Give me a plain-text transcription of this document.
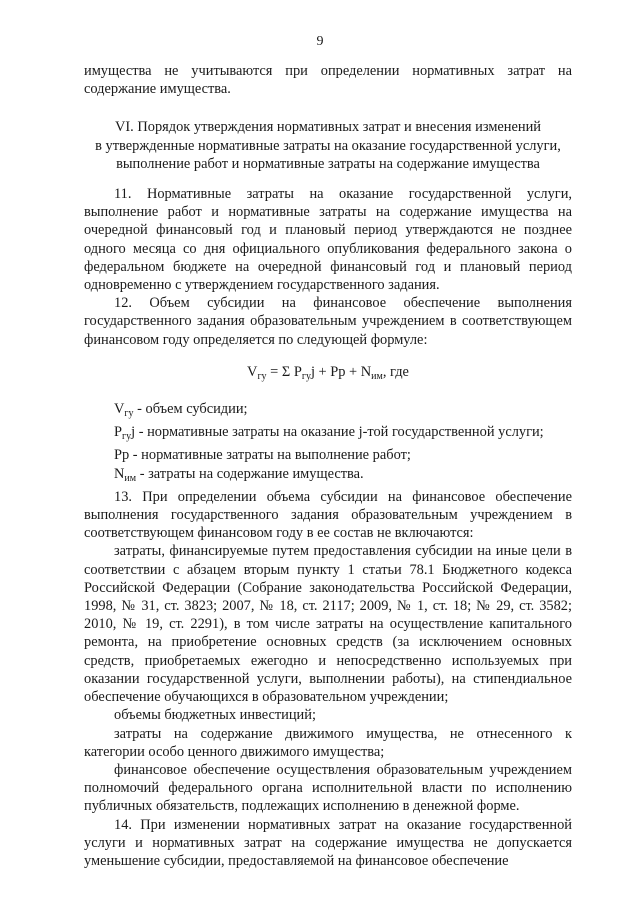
9

имущества не учитываются при определении нормативных затрат на содержание имущества.

VI. Порядок утверждения нормативных затрат и внесения изменений
в утвержденные нормативные затраты на оказание государственной услуги,
выполнение работ и нормативные затраты на содержание имущества

11. Нормативные затраты на оказание государственной услуги, выполнение работ и нормативные затраты на содержание имущества на очередной финансовый год и плановый период утверждаются не позднее одного месяца со дня официального опубликования федерального закона о федеральном бюджете на очередной финансовый год и плановый период одновременно с утверждением государственного задания.

12. Объем субсидии на финансовое обеспечение выполнения государственного задания образовательным учреждением в соответствующем финансовом году определяется по следующей формуле:

$V_{гу} = \Sigma$ $P_{гу}j$ + Рр + $N_{им}$, где

$V_{гу}$ - объем субсидии;

$P_{гу}j$ - нормативные затраты на оказание j-той государственной услуги;

Рр - нормативные затраты на выполнение работ;

$N_{им}$ - затраты на содержание имущества.

13. При определении объема субсидии на финансовое обеспечение выполнения государственного задания образовательным учреждением в соответствующем финансовом году в ее состав не включаются:

затраты, финансируемые путем предоставления субсидии на иные цели в соответствии с абзацем вторым пункту 1 статьи 78.1 Бюджетного кодекса Российской Федерации (Собрание законодательства Российской Федерации, 1998, № 31, ст. 3823; 2007, № 18, ст. 2117; 2009, № 1, ст. 18; № 29, ст. 3582; 2010, № 19, ст. 2291), в том числе затраты на осуществление капитального ремонта, на приобретение основных средств (за исключением основных средств, приобретаемых ежегодно и непосредственно используемых при оказании государственной услуги, выполнении работы), на стипендиальное обеспечение обучающихся в образовательном учреждении;

объемы бюджетных инвестиций;

затраты на содержание движимого имущества, не отнесенного к категории особо ценного движимого имущества;

финансовое обеспечение осуществления образовательным учреждением полномочий федерального органа исполнительной власти по исполнению публичных обязательств, подлежащих исполнению в денежной форме.

14. При изменении нормативных затрат на оказание государственной услуги и нормативных затрат на содержание имущества не допускается уменьшение субсидии, предоставляемой на финансовое обеспечение
